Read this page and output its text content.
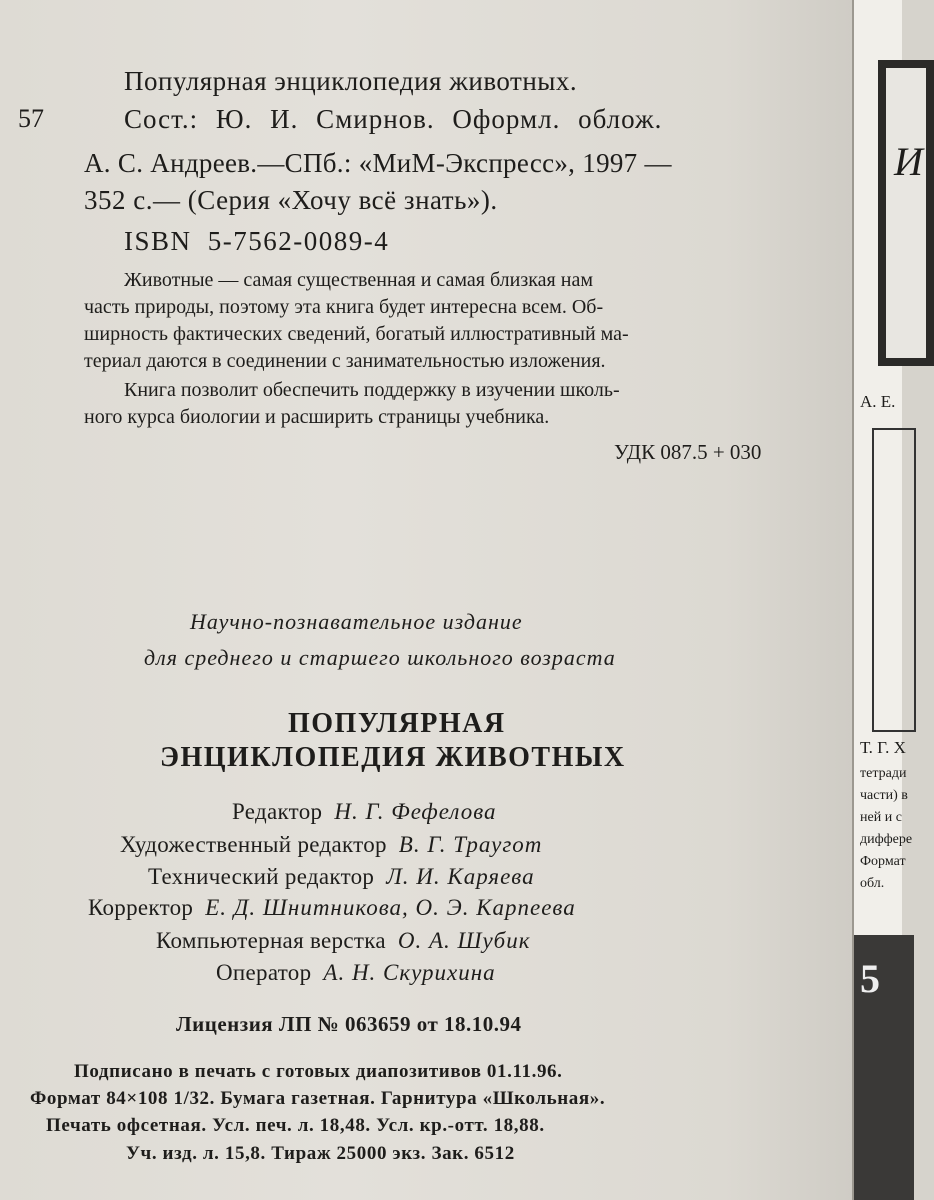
57
Популярная энциклопедия животных.
Сост.: Ю. И. Смирнов. Оформл. облож.
А. С. Андреев.—СПб.: «МиМ-Экспресс», 1997 —
352 с.— (Серия «Хочу всё знать»).
ISBN 5-7562-0089-4
Животные — самая существенная и самая близкая нам
часть природы, поэтому эта книга будет интересна всем. Об-
ширность фактических сведений, богатый иллюстративный ма-
териал даются в соединении с занимательностью изложения.
Книга позволит обеспечить поддержку в изучении школь-
ного курса биологии и расширить страницы учебника.
УДК 087.5 + 030
Научно-познавательное издание
для среднего и старшего школьного возраста
ПОПУЛЯРНАЯ
ЭНЦИКЛОПЕДИЯ ЖИВОТНЫХ
Редактор Н. Г. Фефелова
Художественный редактор В. Г. Траугот
Технический редактор Л. И. Каряева
Корректор Е. Д. Шнитникова, О. Э. Карпеева
Компьютерная верстка О. А. Шубик
Оператор А. Н. Скурихина
Лицензия ЛП № 063659 от 18.10.94
Подписано в печать с готовых диапозитивов 01.11.96.
Формат 84×108 1/32. Бумага газетная. Гарнитура «Школьная».
Печать офсетная. Усл. печ. л. 18,48. Усл. кр.-отт. 18,88.
Уч. изд. л. 15,8. Тираж 25000 экз. Зак. 6512
И
А. Е.
Т. Г. Х
тетради
части) в
ней и с
диффере
Формат
обл.
5
